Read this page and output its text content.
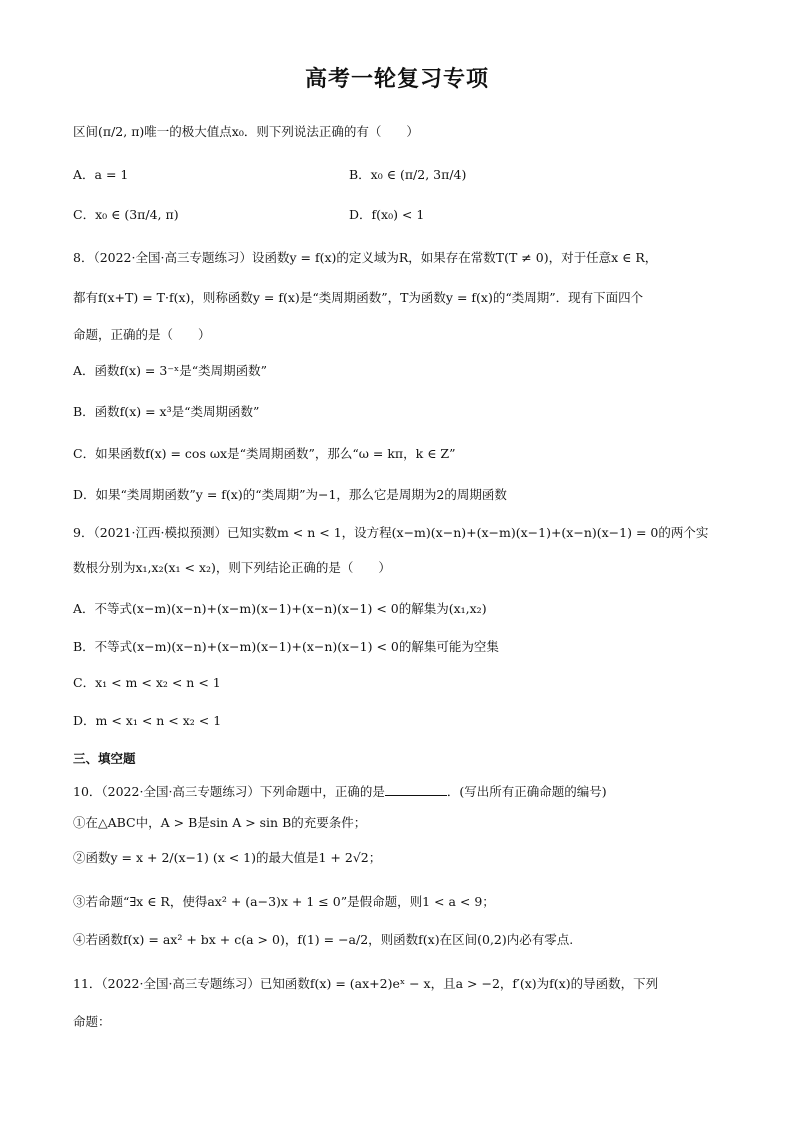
高考一轮复习专项
区间(π/2, π)唯一的极大值点x₀．则下列说法正确的有（　　）
A．a = 1	B．x₀ ∈ (π/2, 3π/4)
C．x₀ ∈ (3π/4, π)	D．f(x₀) < 1
8．（2022·全国·高三专题练习）设函数y = f(x)的定义域为R，如果存在常数T(T ≠ 0)，对于任意x ∈ R，
都有f(x+T) = T·f(x)，则称函数y = f(x)是“类周期函数”，T为函数y = f(x)的“类周期”．现有下面四个
命题，正确的是（　　）
A．函数f(x) = 3⁻ˣ是“类周期函数”
B．函数f(x) = x³是“类周期函数”
C．如果函数f(x) = cos ωx是“类周期函数”，那么“ω = kπ，k ∈ Z”
D．如果“类周期函数”y = f(x)的“类周期”为−1，那么它是周期为2的周期函数
9．（2021·江西·模拟预测）已知实数m < n < 1，设方程(x−m)(x−n)+(x−m)(x−1)+(x−n)(x−1) = 0的两个实
数根分别为x₁,x₂(x₁ < x₂)，则下列结论正确的是（　　）
A．不等式(x−m)(x−n)+(x−m)(x−1)+(x−n)(x−1) < 0的解集为(x₁,x₂)
B．不等式(x−m)(x−n)+(x−m)(x−1)+(x−n)(x−1) < 0的解集可能为空集
C．x₁ < m < x₂ < n < 1
D．m < x₁ < n < x₂ < 1
三、填空题
10．（2022·全国·高三专题练习）下列命题中，正确的是	．(写出所有正确命题的编号)
①在△ABC中，A > B是sin A > sin B的充要条件；
②函数y = x + 2/(x−1) (x < 1)的最大值是1 + 2√2；
③若命题“∃x ∈ R，使得ax² + (a−3)x + 1 ≤ 0”是假命题，则1 < a < 9；
④若函数f(x) = ax² + bx + c(a > 0)，f(1) = −a/2，则函数f(x)在区间(0,2)内必有零点.
11．（2022·全国·高三专题练习）已知函数f(x) = (ax+2)eˣ − x，且a > −2，f′(x)为f(x)的导函数，下列
命题：
